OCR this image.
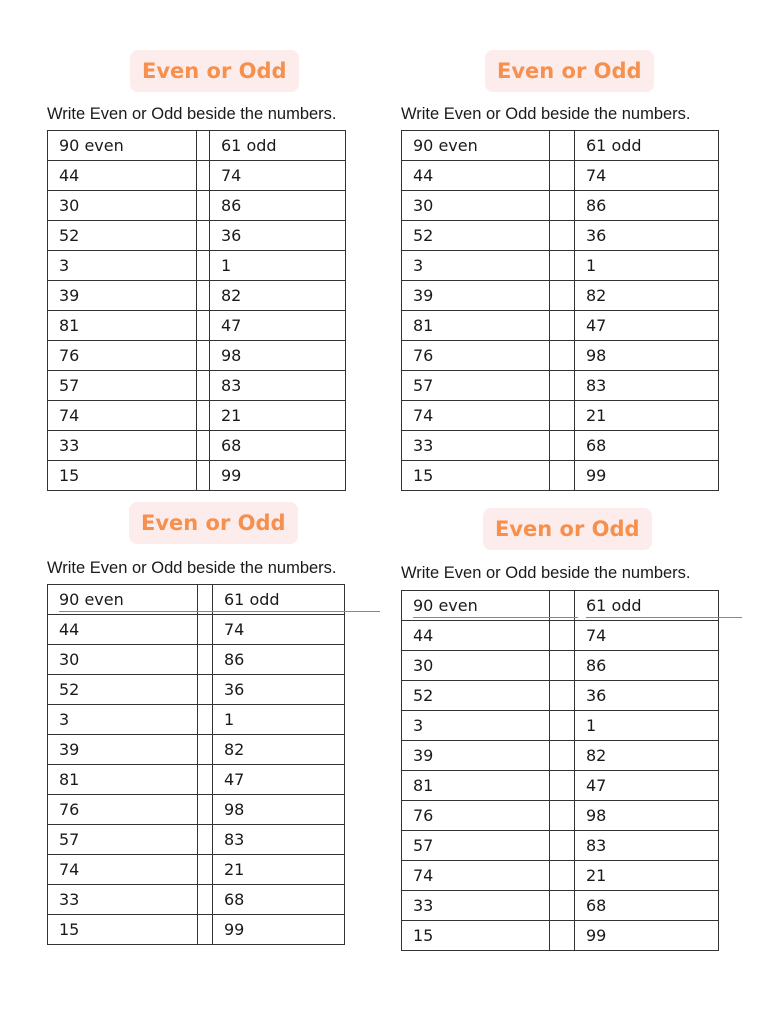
Even or Odd
Write Even or Odd beside the numbers.
90 even		61 odd
44		74
30		86
52		36
3		1
39		82
81		47
76		98
57		83
74		21
33		68
15		99
Even or Odd
Write Even or Odd beside the numbers.
90 even		61 odd
44		74
30		86
52		36
3		1
39		82
81		47
76		98
57		83
74		21
33		68
15		99
Even or Odd
Write Even or Odd beside the numbers.
90 even		61 odd

44		74
30		86
52		36
3		1
39		82
81		47
76		98
57		83
74		21
33		68
15		99
Even or Odd
Write Even or Odd beside the numbers.
90 even		61 odd

44		74
30		86
52		36
3		1
39		82
81		47
76		98
57		83
74		21
33		68
15		99
